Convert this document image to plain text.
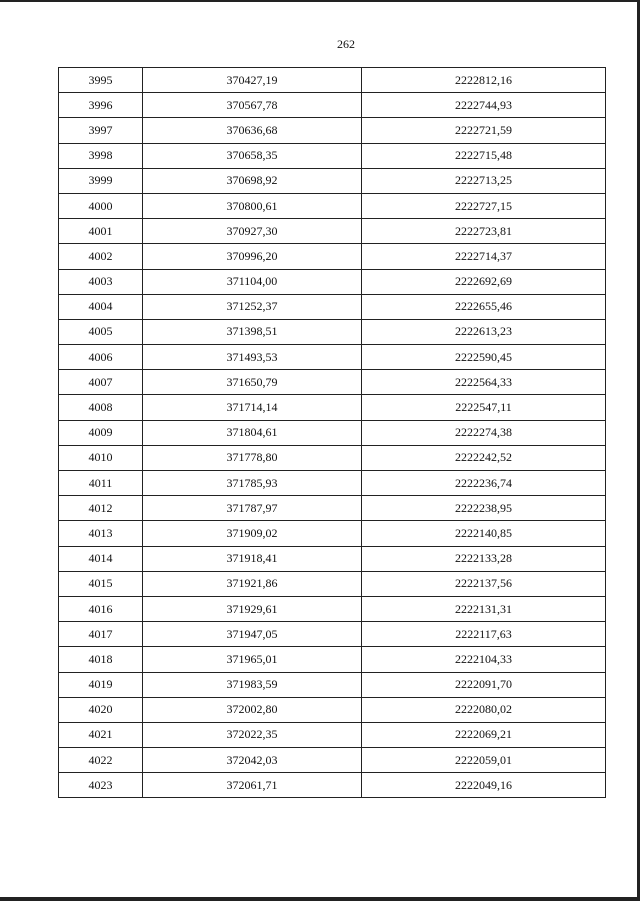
262
3995	370427,19	2222812,16
3996	370567,78	2222744,93
3997	370636,68	2222721,59
3998	370658,35	2222715,48
3999	370698,92	2222713,25
4000	370800,61	2222727,15
4001	370927,30	2222723,81
4002	370996,20	2222714,37
4003	371104,00	2222692,69
4004	371252,37	2222655,46
4005	371398,51	2222613,23
4006	371493,53	2222590,45
4007	371650,79	2222564,33
4008	371714,14	2222547,11
4009	371804,61	2222274,38
4010	371778,80	2222242,52
4011	371785,93	2222236,74
4012	371787,97	2222238,95
4013	371909,02	2222140,85
4014	371918,41	2222133,28
4015	371921,86	2222137,56
4016	371929,61	2222131,31
4017	371947,05	2222117,63
4018	371965,01	2222104,33
4019	371983,59	2222091,70
4020	372002,80	2222080,02
4021	372022,35	2222069,21
4022	372042,03	2222059,01
4023	372061,71	2222049,16
